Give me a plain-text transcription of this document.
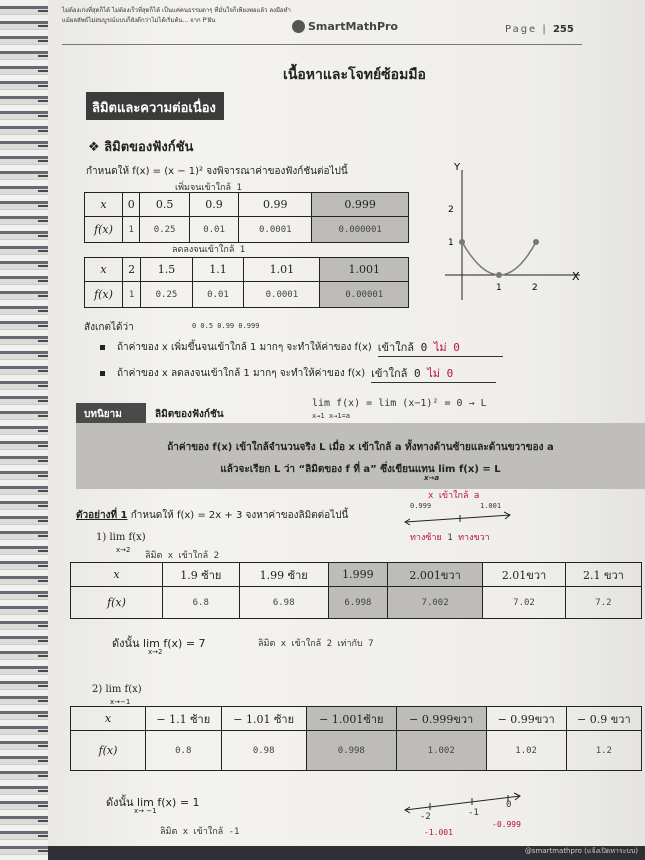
ไม่ต้องเก่งที่สุดก็ได้ ไม่ต้องเร็วที่สุดก็ได้ เป็นแค่คนธรรมดาๆ ที่มั่นใจก็เพียงพอแล้ว ลงมือทำแม้ผลลัพธ์ไม่สมบูรณ์แบบก็ยังดีกว่าไม่ได้เริ่มต้น... จาก P'ฝัน	SmartMathPro	Page | 255
เนื้อหาและโจทย์ซ้อมมือ
ลิมิตและความต่อเนื่อง
❖ ลิมิตของฟังก์ชัน
กำหนดให้ f(x) = (x − 1)² จงพิจารณาค่าของฟังก์ชันต่อไปนี้
เพิ่มจนเข้าใกล้ 1
x	0	0.5	0.9	0.99	0.999
f(x)	1	0.25	0.01	0.0001	0.000001
ลดลงจนเข้าใกล้ 1
x	2	1.5	1.1	1.01	1.001
f(x)	1	0.25	0.01	0.0001	0.00001
Y
X
2
1
1	2
สังเกตได้ว่า	0 0.5 0.99 0.999
ถ้าค่าของ x เพิ่มขึ้นจนเข้าใกล้ 1 มากๆ จะทำให้ค่าของ f(x) เข้าใกล้ 0 ไม่ 0
ถ้าค่าของ x ลดลงจนเข้าใกล้ 1 มากๆ จะทำให้ค่าของ f(x) เข้าใกล้ 0 ไม่ 0
บทนิยาม	ลิมิตของฟังก์ชัน
lim f(x) = lim (x−1)² = 0 → L
x→1 x→1=a
ถ้าค่าของ f(x) เข้าใกล้จำนวนจริง L เมื่อ x เข้าใกล้ a ทั้งทางด้านซ้ายและด้านขวาของ a
แล้วจะเรียก L ว่า “ลิมิตของ f ที่ a” ซึ่งเขียนแทน lim f(x) = L
x→a
ตัวอย่างที่ 1 กำหนดให้ f(x) = 2x + 3 จงหาค่าของลิมิตต่อไปนี้
x เข้าใกล้ a
0.999	1.001
ทางซ้าย 1 ทางขวา
1) lim f(x)
x→2
ลิมิต x เข้าใกล้ 2
x	1.9 ซ้าย	1.99 ซ้าย	1.999	2.001ขวา	2.01ขวา	2.1 ขวา
f(x)	6.8	6.98	6.998	7.002	7.02	7.2
ดังนั้น lim f(x) = 7
x→2
ลิมิต x เข้าใกล้ 2 เท่ากับ 7
2) lim f(x)
x→−1
x	− 1.1 ซ้าย	− 1.01 ซ้าย	− 1.001ซ้าย	− 0.999ขวา	− 0.99ขวา	− 0.9 ขวา
f(x)	0.8	0.98	0.998	1.002	1.02	1.2
ดังนั้น lim f(x) = 1
x→ −1
ลิมิต x เข้าใกล้ -1
-2	-1
0
-1.001
-0.999
@smartmathpro (แจ้งเปิดหาระบบ)
